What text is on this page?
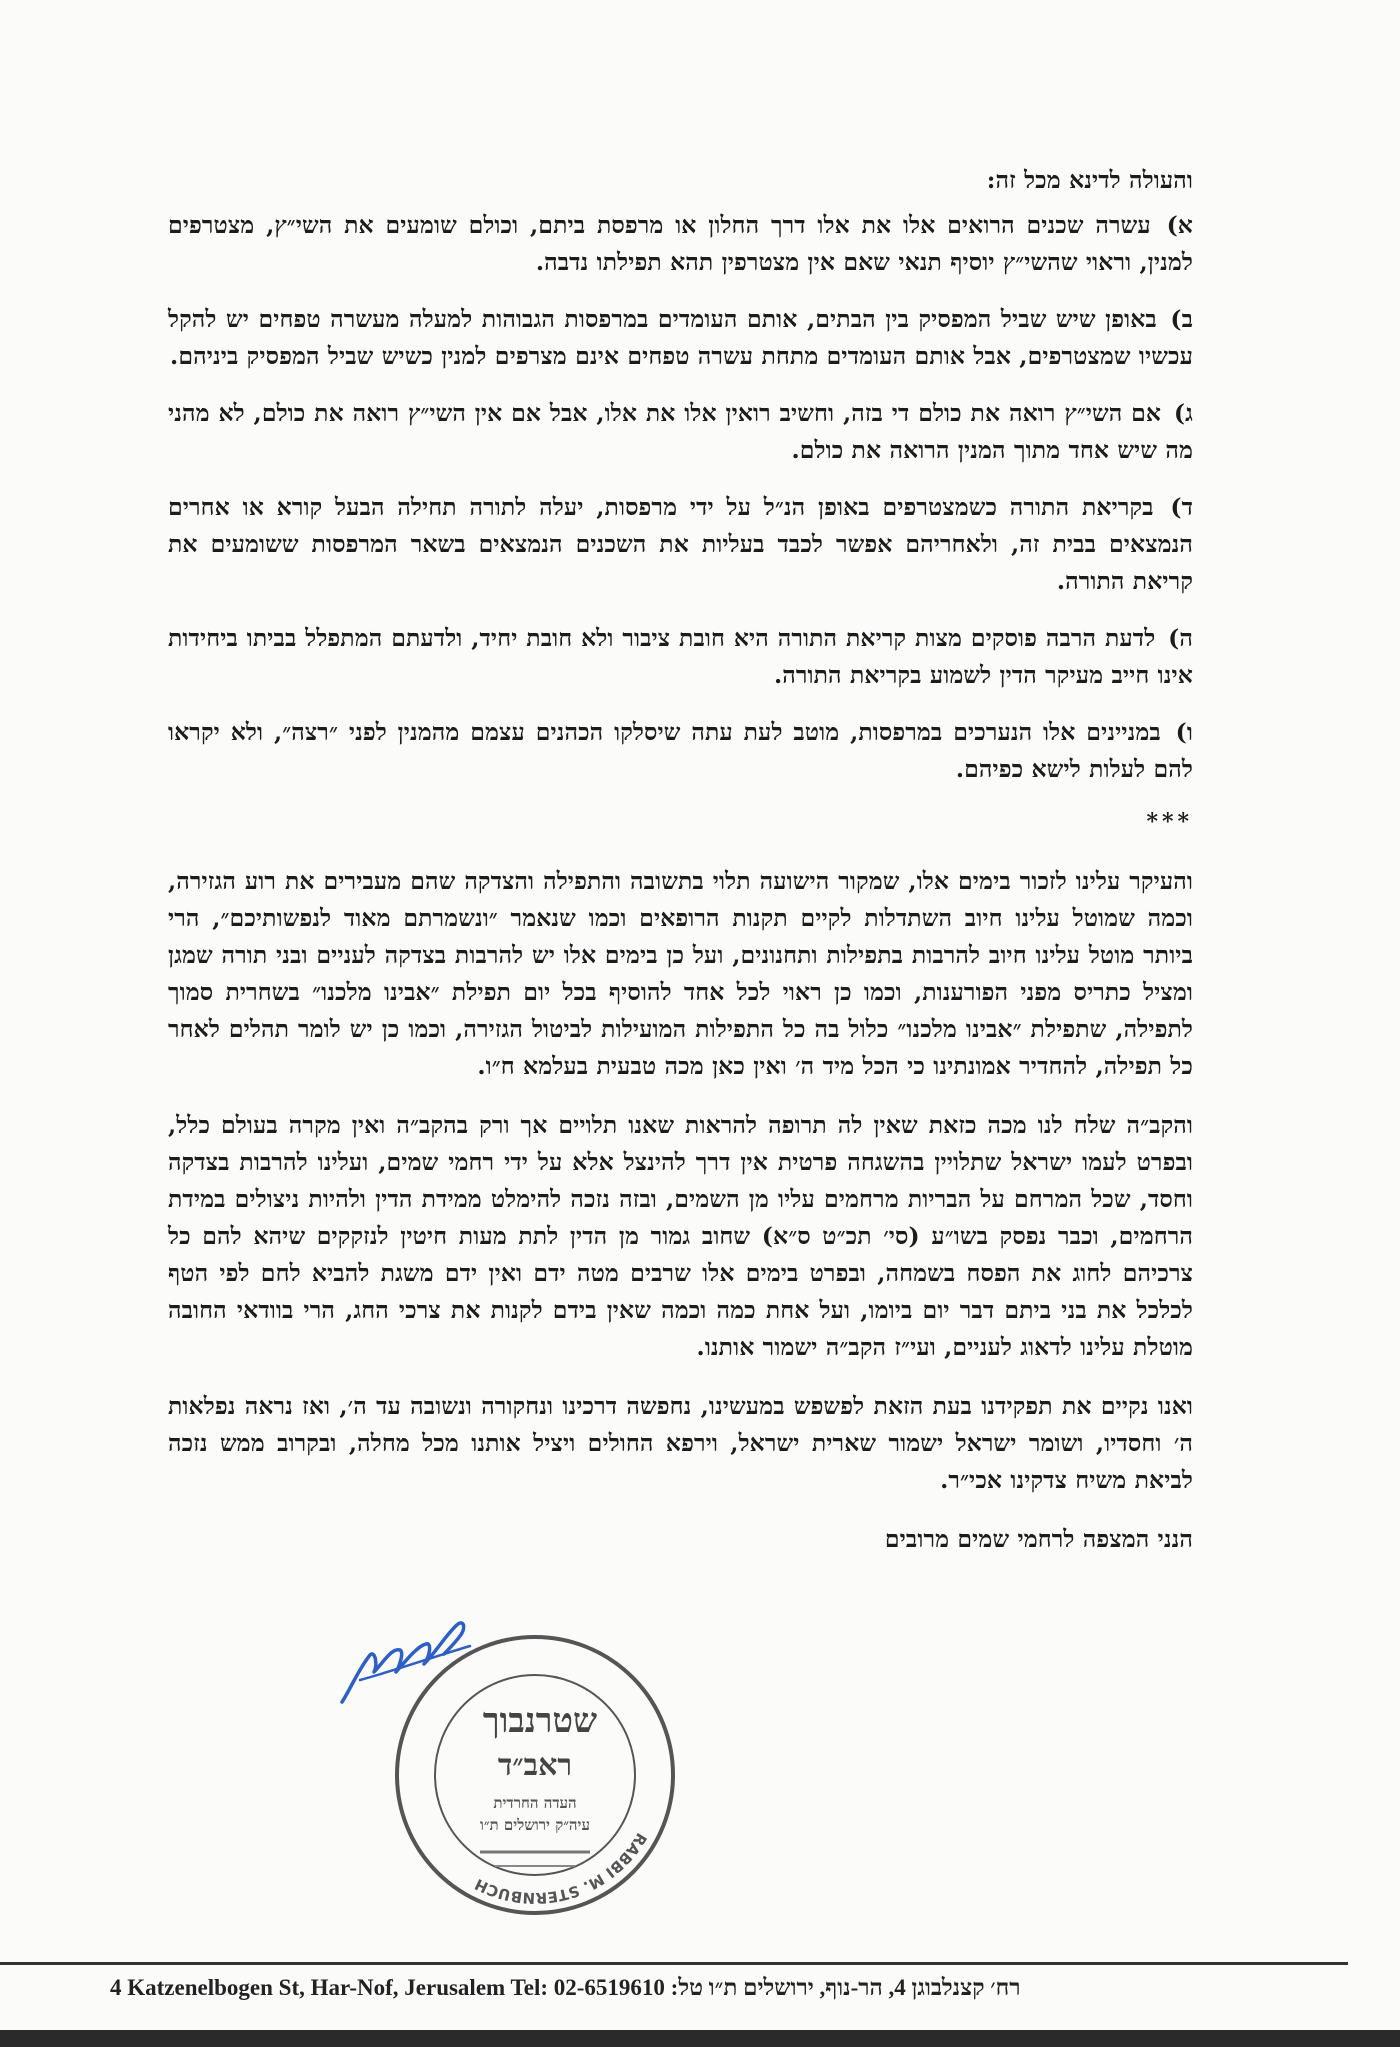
והעולה לדינא מכל זה:

א) עשרה שכנים הרואים אלו את אלו דרך החלון או מרפסת ביתם, וכולם שומעים את השי״ץ, מצטרפים למנין, וראוי שהשי״ץ יוסיף תנאי שאם אין מצטרפין תהא תפילתו נדבה.

ב) באופן שיש שביל המפסיק בין הבתים, אותם העומדים במרפסות הגבוהות למעלה מעשרה טפחים יש להקל עכשיו שמצטרפים, אבל אותם העומדים מתחת עשרה טפחים אינם מצרפים למנין כשיש שביל המפסיק ביניהם.

ג) אם השי״ץ רואה את כולם די בזה, וחשיב רואין אלו את אלו, אבל אם אין השי״ץ רואה את כולם, לא מהני מה שיש אחד מתוך המנין הרואה את כולם.

ד) בקריאת התורה כשמצטרפים באופן הנ״ל על ידי מרפסות, יעלה לתורה תחילה הבעל קורא או אחרים הנמצאים בבית זה, ולאחריהם אפשר לכבד בעליות את השכנים הנמצאים בשאר המרפסות ששומעים את קריאת התורה.

ה) לדעת הרבה פוסקים מצות קריאת התורה היא חובת ציבור ולא חובת יחיד, ולדעתם המתפלל בביתו ביחידות אינו חייב מעיקר הדין לשמוע בקריאת התורה.

ו) במניינים אלו הנערכים במרפסות, מוטב לעת עתה שיסלקו הכהנים עצמם מהמנין לפני ״רצה״, ולא יקראו להם לעלות לישא כפיהם.

***

והעיקר עלינו לזכור בימים אלו, שמקור הישועה תלוי בתשובה והתפילה והצדקה שהם מעבירים את רוע הגזירה, וכמה שמוטל עלינו חיוב השתדלות לקיים תקנות הרופאים וכמו שנאמר ״ונשמרתם מאוד לנפשותיכם״, הרי ביותר מוטל עלינו חיוב להרבות בתפילות ותחנונים, ועל כן בימים אלו יש להרבות בצדקה לעניים ובני תורה שמגן ומציל כתריס מפני הפורענות, וכמו כן ראוי לכל אחד להוסיף בכל יום תפילת ״אבינו מלכנו״ בשחרית סמוך לתפילה, שתפילת ״אבינו מלכנו״ כלול בה כל התפילות המועילות לביטול הגזירה, וכמו כן יש לומר תהלים לאחר כל תפילה, להחדיר אמונתינו כי הכל מיד ה׳ ואין כאן מכה טבעית בעלמא ח״ו.

והקב״ה שלח לנו מכה כזאת שאין לה תרופה להראות שאנו תלויים אך ורק בהקב״ה ואין מקרה בעולם כלל, ובפרט לעמו ישראל שתלויין בהשגחה פרטית אין דרך להינצל אלא על ידי רחמי שמים, ועלינו להרבות בצדקה וחסד, שכל המרחם על הבריות מרחמים עליו מן השמים, ובזה נזכה להימלט ממידת הדין ולהיות ניצולים במידת הרחמים, וכבר נפסק בשו״ע (סי׳ תכ״ט ס״א) שחוב גמור מן הדין לתת מעות חיטין לנזקקים שיהא להם כל צרכיהם לחוג את הפסח בשמחה, ובפרט בימים אלו שרבים מטה ידם ואין ידם משגת להביא לחם לפי הטף לכלכל את בני ביתם דבר יום ביומו, ועל אחת כמה וכמה שאין בידם לקנות את צרכי החג, הרי בוודאי החובה מוטלת עלינו לדאוג לעניים, ועי״ז הקב״ה ישמור אותנו.

ואנו נקיים את תפקידנו בעת הזאת לפשפש במעשינו, נחפשה דרכינו ונחקורה ונשובה עד ה׳, ואז נראה נפלאות ה׳ וחסדיו, ושומר ישראל ישמור שארית ישראל, וירפא החולים ויציל אותנו מכל מחלה, ובקרוב ממש נזכה לביאת משיח צדקינו אכי״ר.

הנני המצפה לרחמי שמים מרובים

RABBI M. STERNBUCH
שטרנבוך
ראב״ד
העדה החרדית
עיה״ק ירושלים ת״ו
4 Katzenelbogen St, Har-Nof, Jerusalem Tel: 02-6519610 :רח׳ קצנלבוגן 4, הר-נוף, ירושלים ת״ו טל
